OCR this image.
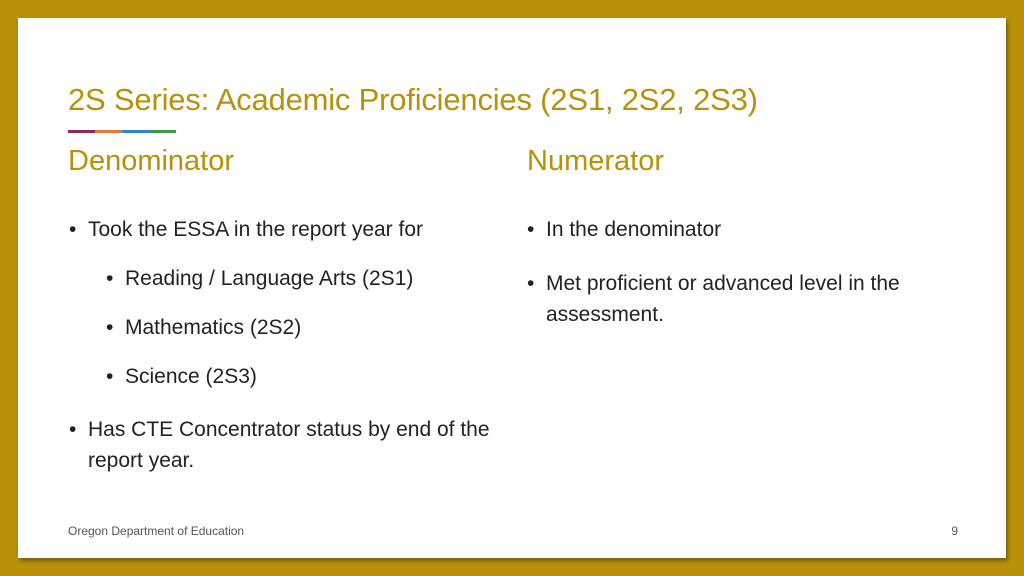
2S Series: Academic Proficiencies (2S1, 2S2, 2S3)
Denominator	Numerator
• Took the ESSA in the report year for
• Reading / Language Arts (2S1)
• Mathematics (2S2)
• Science (2S3)
• Has CTE Concentrator status by end of the report year.
• In the denominator
• Met proficient or advanced level in the assessment.
Oregon Department of Education	9
